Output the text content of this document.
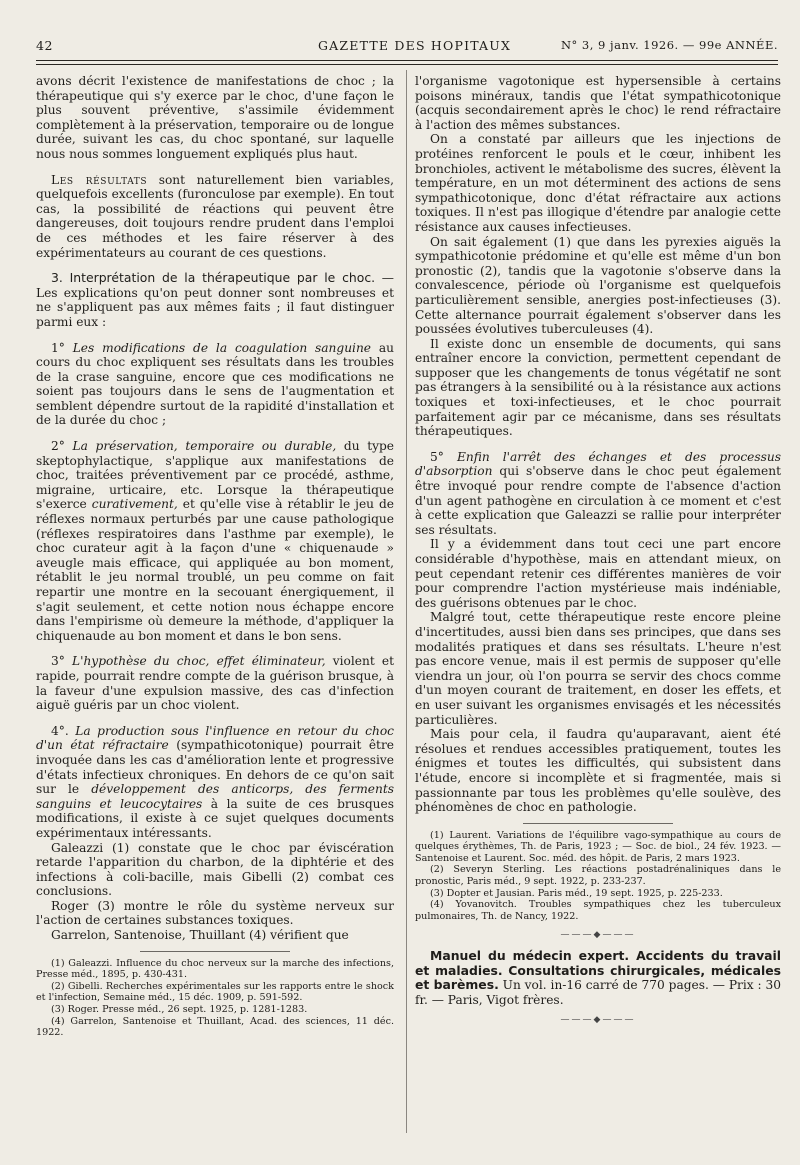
42	GAZETTE DES HOPITAUX	N° 3, 9 janv. 1926. — 99e ANNÉE.

avons décrit l'existence de manifestations de choc ; la thérapeutique qui s'y exerce par le choc, d'une façon le plus souvent préventive, s'assimile évidemment complètement à la préservation, temporaire ou de longue durée, suivant les cas, du choc spontané, sur laquelle nous nous sommes longuement expliqués plus haut.

Les résultats sont naturellement bien variables, quelquefois excellents (furonculose par exemple). En tout cas, la possibilité de réactions qui peuvent être dangereuses, doit toujours rendre prudent dans l'emploi de ces méthodes et les faire réserver à des expérimentateurs au courant de ces questions.

3. Interprétation de la thérapeutique par le choc. — Les explications qu'on peut donner sont nombreuses et ne s'appliquent pas aux mêmes faits ; il faut distinguer parmi eux :

1° Les modifications de la coagulation sanguine au cours du choc expliquent ses résultats dans les troubles de la crase sanguine, encore que ces modifications ne soient pas toujours dans le sens de l'augmentation et semblent dépendre surtout de la rapidité d'installation et de la durée du choc ;

2° La préservation, temporaire ou durable, du type skeptophylactique, s'applique aux manifestations de choc, traitées préventivement par ce procédé, asthme, migraine, urticaire, etc. Lorsque la thérapeutique s'exerce curativement, et qu'elle vise à rétablir le jeu de réflexes normaux perturbés par une cause pathologique (réflexes respiratoires dans l'asthme par exemple), le choc curateur agit à la façon d'une « chiquenaude » aveugle mais efficace, qui appliquée au bon moment, rétablit le jeu normal troublé, un peu comme on fait repartir une montre en la secouant énergiquement, il s'agit seulement, et cette notion nous échappe encore dans l'empirisme où demeure la méthode, d'appliquer la chiquenaude au bon moment et dans le bon sens.

3° L'hypothèse du choc, effet éliminateur, violent et rapide, pourrait rendre compte de la guérison brusque, à la faveur d'une expulsion massive, des cas d'infection aiguë guéris par un choc violent.

4°. La production sous l'influence en retour du choc d'un état réfractaire (sympathicotonique) pourrait être invoquée dans les cas d'amélioration lente et progressive d'états infectieux chroniques. En dehors de ce qu'on sait sur le développement des anticorps, des ferments sanguins et leucocytaires à la suite de ces brusques modifications, il existe à ce sujet quelques documents expérimentaux intéressants.

Galeazzi (1) constate que le choc par éviscération retarde l'apparition du charbon, de la diphtérie et des infections à coli-bacille, mais Gibelli (2) combat ces conclusions.

Roger (3) montre le rôle du système nerveux sur l'action de certaines substances toxiques.

Garrelon, Santenoise, Thuillant (4) vérifient que

(1) Galeazzi. Influence du choc nerveux sur la marche des infections, Presse méd., 1895, p. 430-431.

(2) Gibelli. Recherches expérimentales sur les rapports entre le shock et l'infection, Semaine méd., 15 déc. 1909, p. 591-592.

(3) Roger. Presse méd., 26 sept. 1925, p. 1281-1283.

(4) Garrelon, Santenoise et Thuillant, Acad. des sciences, 11 déc. 1922.

l'organisme vagotonique est hypersensible à certains poisons minéraux, tandis que l'état sympathicotonique (acquis secondairement après le choc) le rend réfractaire à l'action des mêmes substances.

On a constaté par ailleurs que les injections de protéines renforcent le pouls et le cœur, inhibent les bronchioles, activent le métabolisme des sucres, élèvent la température, en un mot déterminent des actions de sens sympathicotonique, donc d'état réfractaire aux actions toxiques. Il n'est pas illogique d'étendre par analogie cette résistance aux causes infectieuses.

On sait également (1) que dans les pyrexies aiguës la sympathicotonie prédomine et qu'elle est même d'un bon pronostic (2), tandis que la vagotonie s'observe dans la convalescence, période où l'organisme est quelquefois particulièrement sensible, anergies post-infectieuses (3). Cette alternance pourrait également s'observer dans les poussées évolutives tuberculeuses (4).

Il existe donc un ensemble de documents, qui sans entraîner encore la conviction, permettent cependant de supposer que les changements de tonus végétatif ne sont pas étrangers à la sensibilité ou à la résistance aux actions toxiques et toxi-infectieuses, et le choc pourrait parfaitement agir par ce mécanisme, dans ses résultats thérapeutiques.

5° Enfin l'arrêt des échanges et des processus d'absorption qui s'observe dans le choc peut également être invoqué pour rendre compte de l'absence d'action d'un agent pathogène en circulation à ce moment et c'est à cette explication que Galeazzi se rallie pour interpréter ses résultats.

Il y a évidemment dans tout ceci une part encore considérable d'hypothèse, mais en attendant mieux, on peut cependant retenir ces différentes manières de voir pour comprendre l'action mystérieuse mais indéniable, des guérisons obtenues par le choc.

Malgré tout, cette thérapeutique reste encore pleine d'incertitudes, aussi bien dans ses principes, que dans ses modalités pratiques et dans ses résultats. L'heure n'est pas encore venue, mais il est permis de supposer qu'elle viendra un jour, où l'on pourra se servir des chocs comme d'un moyen courant de traitement, en doser les effets, et en user suivant les organismes envisagés et les nécessités particulières.

Mais pour cela, il faudra qu'auparavant, aient été résolues et rendues accessibles pratiquement, toutes les énigmes et toutes les difficultés, qui subsistent dans l'étude, encore si incomplète et si fragmentée, mais si passionnante par tous les problèmes qu'elle soulève, des phénomènes de choc en pathologie.

(1) Laurent. Variations de l'équilibre vago-sympathique au cours de quelques érythèmes, Th. de Paris, 1923 ; — Soc. de biol., 24 fév. 1923. — Santenoise et Laurent. Soc. méd. des hôpit. de Paris, 2 mars 1923.

(2) Severyn Sterling. Les réactions postadrénaliniques dans le pronostic, Paris méd., 9 sept. 1922, p. 233-237.

(3) Dopter et Jausian. Paris méd., 19 sept. 1925, p. 225-233.

(4) Yovanovitch. Troubles sympathiques chez les tuberculeux pulmonaires, Th. de Nancy, 1922.

———◆———

Manuel du médecin expert. Accidents du travail et maladies. Consultations chirurgicales, médicales et barèmes. Un vol. in-16 carré de 770 pages. — Prix : 30 fr. — Paris, Vigot frères.

———◆———
